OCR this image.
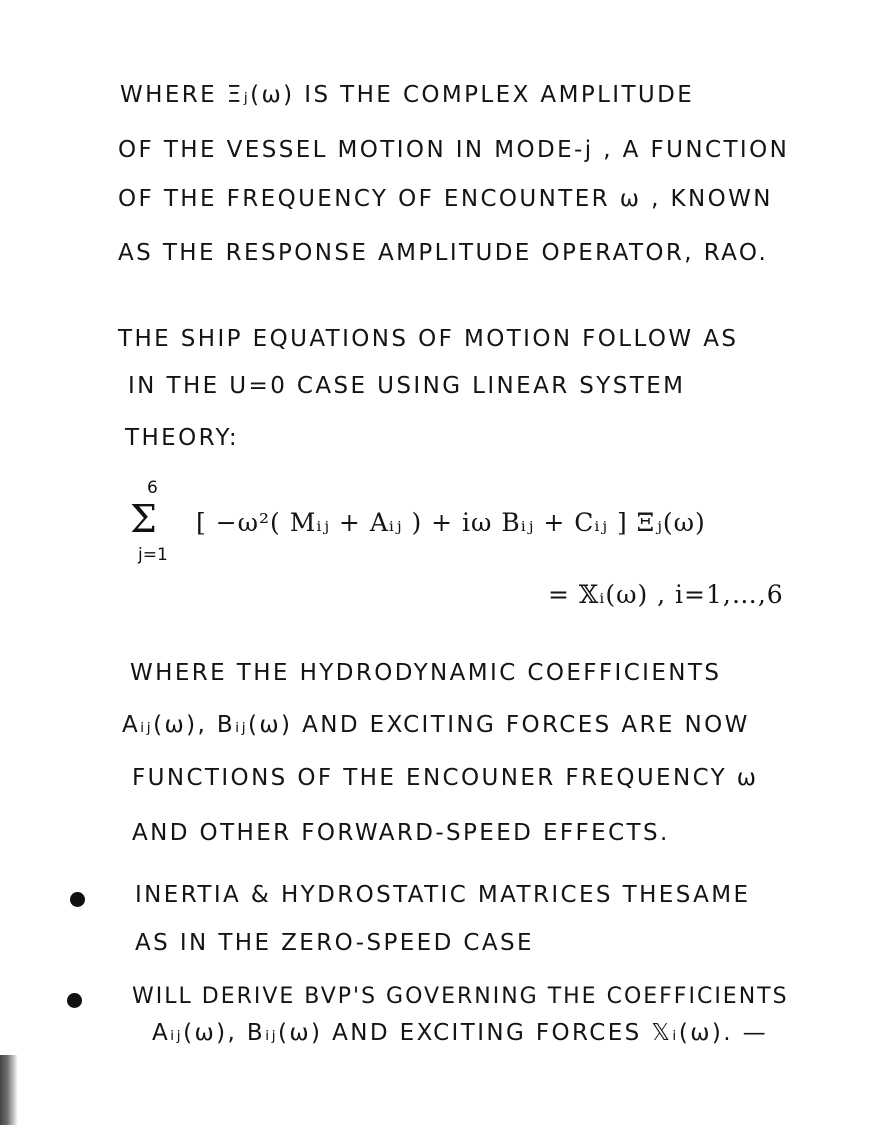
WHERE Ξⱼ(ω) IS THE COMPLEX AMPLITUDE
OF THE VESSEL MOTION IN MODE-j , A FUNCTION
OF THE FREQUENCY OF ENCOUNTER ω , KNOWN
AS THE RESPONSE AMPLITUDE OPERATOR, RAO.
THE SHIP EQUATIONS OF MOTION FOLLOW AS
IN THE U=0 CASE USING LINEAR SYSTEM
THEORY:
6
Σ
j=1
[ −ω²( Mᵢⱼ + Aᵢⱼ ) + iω Bᵢⱼ + Cᵢⱼ ] Ξⱼ(ω)
= 𝕏ᵢ(ω) , i=1,…,6
WHERE THE HYDRODYNAMIC COEFFICIENTS
Aᵢⱼ(ω), Bᵢⱼ(ω) AND EXCITING FORCES ARE NOW
FUNCTIONS OF THE ENCOUNER FREQUENCY ω
AND OTHER FORWARD-SPEED EFFECTS.
INERTIA & HYDROSTATIC MATRICES THESAME
AS IN THE ZERO-SPEED CASE
WILL DERIVE BVP'S GOVERNING THE COEFFICIENTS
Aᵢⱼ(ω), Bᵢⱼ(ω) AND EXCITING FORCES 𝕏ᵢ(ω). —
